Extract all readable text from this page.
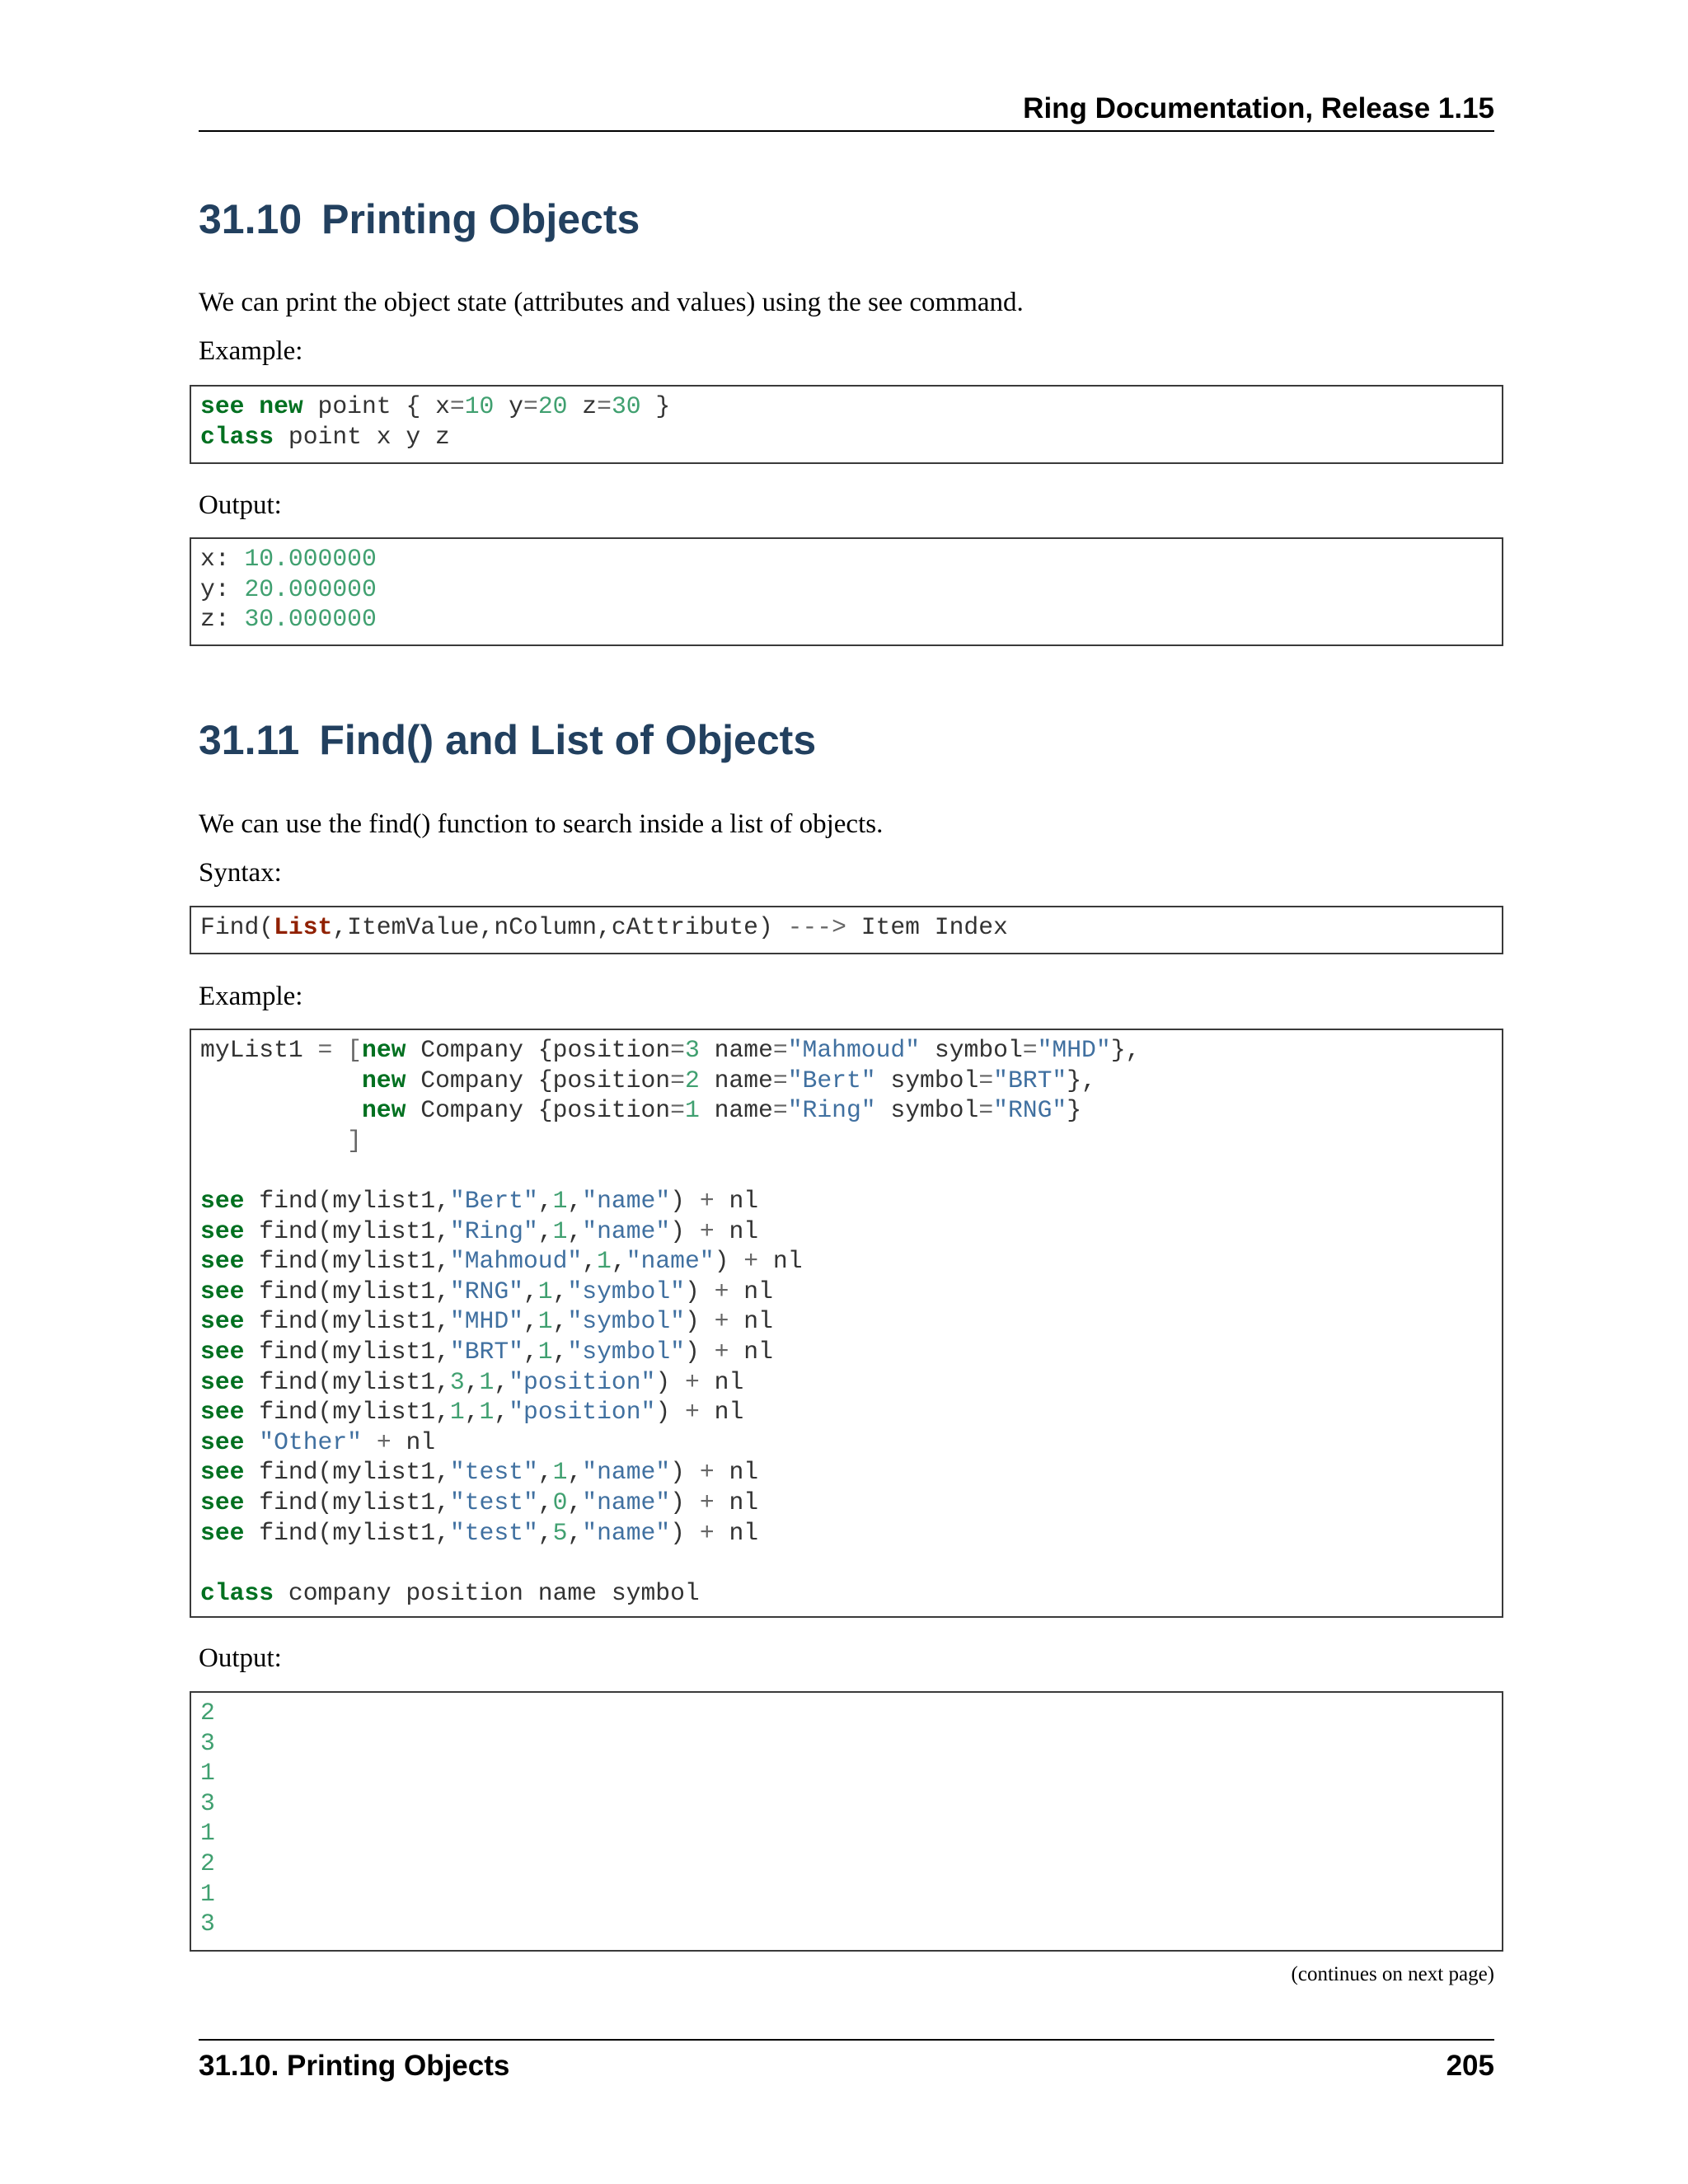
Ring Documentation, Release 1.15
31.10 Printing Objects

We can print the object state (attributes and values) using the see command.

Example:

see new point { x=10 y=20 z=30 }
class point x y z

Output:

x: 10.000000
y: 20.000000
z: 30.000000
31.11 Find() and List of Objects

We can use the find() function to search inside a list of objects.

Syntax:

Find(List,ItemValue,nColumn,cAttribute) ---> Item Index

Example:

myList1 = [new Company {position=3 name="Mahmoud" symbol="MHD"},
new Company {position=2 name="Bert" symbol="BRT"},
new Company {position=1 name="Ring" symbol="RNG"}
]

see find(mylist1,"Bert",1,"name") + nl
see find(mylist1,"Ring",1,"name") + nl
see find(mylist1,"Mahmoud",1,"name") + nl
see find(mylist1,"RNG",1,"symbol") + nl
see find(mylist1,"MHD",1,"symbol") + nl
see find(mylist1,"BRT",1,"symbol") + nl
see find(mylist1,3,1,"position") + nl
see find(mylist1,1,1,"position") + nl
see "Other" + nl
see find(mylist1,"test",1,"name") + nl
see find(mylist1,"test",0,"name") + nl
see find(mylist1,"test",5,"name") + nl

class company position name symbol

Output:

2
3
1
3
1
2
1
3
(continues on next page)
31.10. Printing Objects	205
